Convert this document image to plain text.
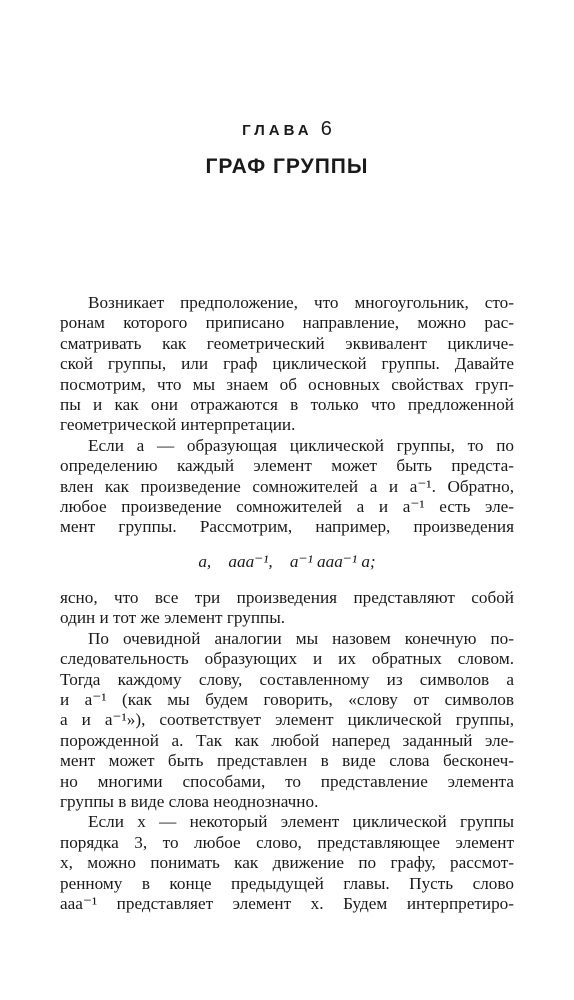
ГЛАВА 6
ГРАФ ГРУППЫ
Возникает предположение, что многоугольник, сто-
ронам которого приписано направление, можно рас-
сматривать как геометрический эквивалент цикличе-
ской группы, или граф циклической группы. Давайте
посмотрим, что мы знаем об основных свойствах груп-
пы и как они отражаются в только что предложенной
геометрической интерпретации.
Если a — образующая циклической группы, то по
определению каждый элемент может быть предста-
влен как произведение сомножителей a и a⁻¹. Обратно,
любое произведение сомножителей a и a⁻¹ есть эле-
мент группы. Рассмотрим, например, произведения
a, aaa⁻¹, a⁻¹ aaa⁻¹ a;
ясно, что все три произведения представляют собой
один и тот же элемент группы.
По очевидной аналогии мы назовем конечную по-
следовательность образующих и их обратных словом.
Тогда каждому слову, составленному из символов a
и a⁻¹ (как мы будем говорить, «слову от символов
a и a⁻¹»), соответствует элемент циклической группы,
порожденной a. Так как любой наперед заданный эле-
мент может быть представлен в виде слова бесконеч-
но многими способами, то представление элемента
группы в виде слова неоднозначно.
Если x — некоторый элемент циклической группы
порядка 3, то любое слово, представляющее элемент
x, можно понимать как движение по графу, рассмот-
ренному в конце предыдущей главы. Пусть слово
aaa⁻¹ представляет элемент x. Будем интерпретиро-
